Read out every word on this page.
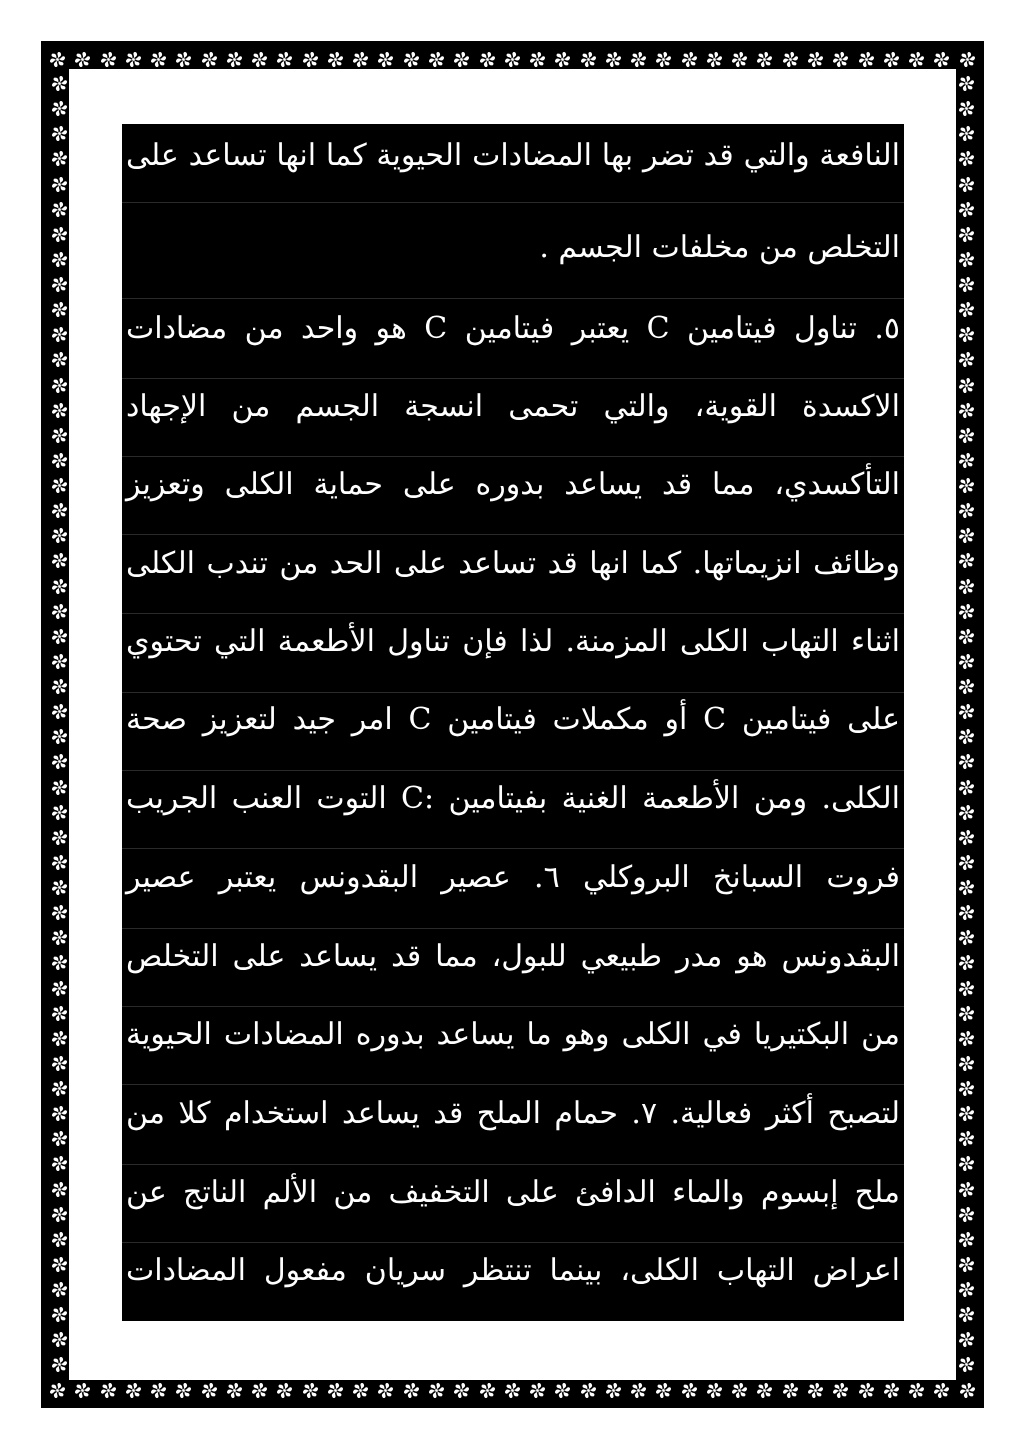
النافعة والتي قد تضر بها المضادات الحيوية كما انها تساعد على
التخلص من مخلفات الجسم .
٥. تناول فيتامين C يعتبر فيتامين C هو واحد من مضادات
الاكسدة القوية، والتي تحمى انسجة الجسم من الإجهاد
التأكسدي، مما قد يساعد بدوره على حماية الكلى وتعزيز
وظائف انزيماتها. كما انها قد تساعد على الحد من تندب الكلى
اثناء التهاب الكلى المزمنة. لذا فإن تناول الأطعمة التي تحتوي
على فيتامين C أو مكملات فيتامين C امر جيد لتعزيز صحة
الكلى. ومن الأطعمة الغنية بفيتامين :C التوت العنب الجريب
فروت السبانخ البروكلي ٦. عصير البقدونس يعتبر عصير
البقدونس هو مدر طبيعي للبول، مما قد يساعد على التخلص
من البكتيريا في الكلى وهو ما يساعد بدوره المضادات الحيوية
لتصبح أكثر فعالية. ٧. حمام الملح قد يساعد استخدام كلا من
ملح إبسوم والماء الدافئ على التخفيف من الألم الناتج عن
اعراض التهاب الكلى، بينما تنتظر سريان مفعول المضادات
